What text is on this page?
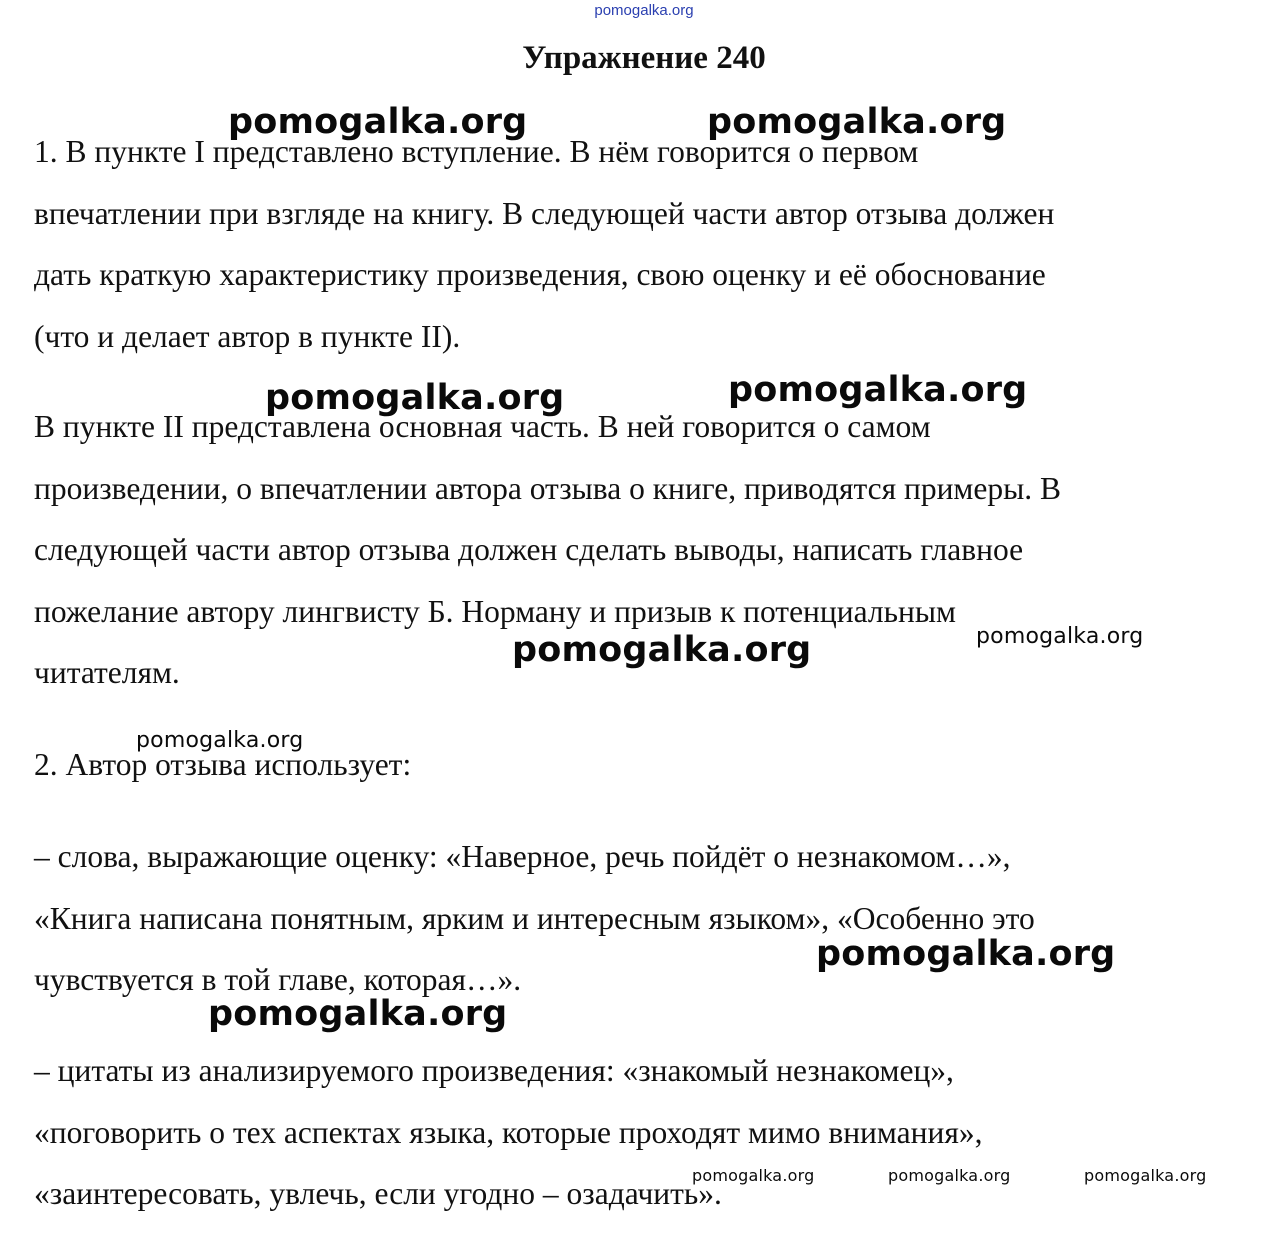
pomogalka.org
Упражнение 240
1. В пункте I представлено вступление. В нём говорится о первом
впечатлении при взгляде на книгу. В следующей части автор отзыва должен
дать краткую характеристику произведения, свою оценку и её обоснование
(что и делает автор в пункте II).
В пункте II представлена основная часть. В ней говорится о самом
произведении, о впечатлении автора отзыва о книге, приводятся примеры. В
следующей части автор отзыва должен сделать выводы, написать главное
пожелание автору лингвисту Б. Норману и призыв к потенциальным
читателям.
2. Автор отзыва использует:
– слова, выражающие оценку: «Наверное, речь пойдёт о незнакомом…»,
«Книга написана понятным, ярким и интересным языком», «Особенно это
чувствуется в той главе, которая…».
– цитаты из анализируемого произведения: «знакомый незнакомец»,
«поговорить о тех аспектах языка, которые проходят мимо внимания»,
«заинтересовать, увлечь, если угодно – озадачить».
pomogalka.org	pomogalka.org
pomogalka.org	pomogalka.org
pomogalka.org	pomogalka.org
pomogalka.org
pomogalka.org
pomogalka.org
pomogalka.org	pomogalka.org	pomogalka.org
